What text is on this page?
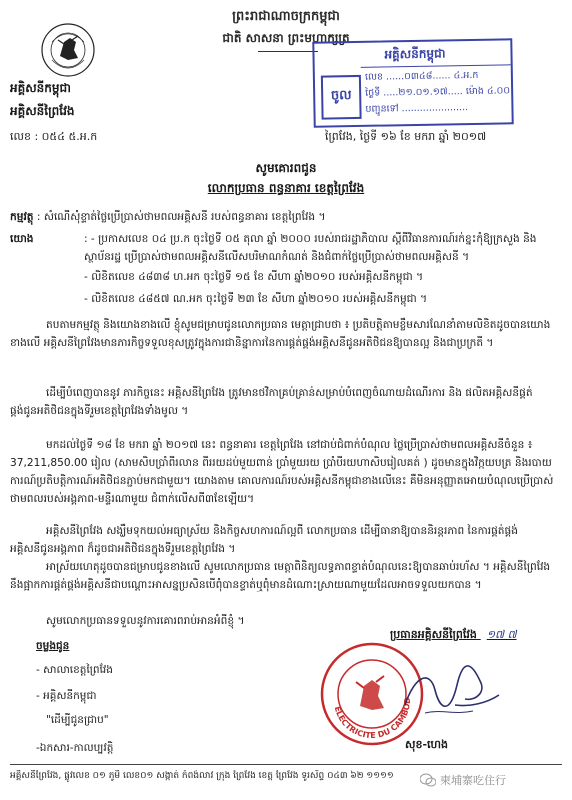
ព្រះរាជាណាចក្រកម្ពុជា
ជាតិ សាសនា ព្រះមហាក្សត្រ
អគ្គិសនីកម្ពុជា
អគ្គិសនីព្រៃវែង
លេខ : ០៥៤ ៥.អ.ក	ព្រៃវែង, ថ្ងៃទី ១៦ ខែ មករា ឆ្នាំ ២០១៧
អគ្គិសនីកម្ពុជា
ចូល
លេខ ......០៣៤៨...... ៤.អ.ក
ថ្ងៃទី .....២១.០១.១៧..... ម៉ោង ៤.០០
បញ្ជូនទៅ ......................
សូមគោរពជូន
លោកប្រធាន ពន្ធនាគារ ខេត្តព្រៃវែង
កម្មវត្ថុ : សំណើសុំខ្ទាត់ថ្លៃប្រើប្រាស់ថាមពលអគ្គិសនី របស់ពន្ធនាគារ ខេត្តព្រៃវែង ។
យោង	: - ប្រកាសលេខ ០៤ ប្រ.ក ចុះថ្ងៃទី ០៥ តុលា ឆ្នាំ ២០០០ របស់រាជរដ្ឋាភិបាល ស្តីពីវិធានការណ៍រក់ខ្នះកុំឱ្យក្រសួង និងស្ថាប័នរដ្ឋ ប្រើប្រាស់ថាមពលអគ្គិសនីលើសបរិមាណកំណត់ និងជំពាក់ថ្លៃប្រើប្រាស់ថាមពលអគ្គិសនី ។
- លិខិតលេខ ៤៨៣៨ ហ.អក ចុះថ្ងៃទី ១៥ ខែ សីហា ឆ្នាំ២០១០ របស់អគ្គិសនីកម្ពុជា ។
- លិខិតលេខ ៤៨៥៧ ណ.អក ចុះថ្ងៃទី ២៣ ខែ សីហា ឆ្នាំ២០១០ របស់អគ្គិសនីកម្ពុជា ។
តបតាមកម្មវត្ថុ និងយោងខាងលើ ខ្ញុំសូមជម្រាបជូនលោកប្រធាន មេត្តាជ្រាបថា ៖ ប្រតិបត្តិតាមខ្លឹមសារណែនាំតាមលិខិតដូចបានយោងខាងលើ អគ្គិសនីព្រៃវែងមានភារកិច្ចទទួលខុសត្រូវក្នុងការជានិន្នាការនៃការផ្គត់ផ្គង់អគ្គិសនីជូនអតិថិជនឱ្យបានល្អ និងជាប្រក្រតី ។
ដើម្បីបំពេញបាននូវ ភារកិច្ចនេះ អគ្គិសនីព្រៃវែង ត្រូវមានថវិកាគ្រប់គ្រាន់សម្រាប់បំពេញចំណាយដំណើរការ និង ផលិតអគ្គិសនីផ្គត់ផ្គង់ជូនអតិថិជនក្នុងទីរួមខេត្តព្រៃវែងទាំងមូល ។
មកដល់ថ្ងៃទី ១៨ ខែ មករា ឆ្នាំ ២០១៧ នេះ ពន្ធនាគារ ខេត្តព្រៃវែង នៅជាប់ជំពាក់បំណុល ថ្លៃប្រើប្រាស់ថាមពលអគ្គិសនីចំនួន ៖ 37,211,850.00 រៀល (សាមសិបប្រាំពីរលាន ពីររយដប់មួយពាន់ ប្រាំមួយរយ ប្រាំបីរយហាសិបរៀលគត់ ) ដូចមានក្នុងវិក្កយបត្រ និងរបាយការណ៍ប្រតិបត្តិការណ៍អតិថិជនភ្ជាប់មកជាមួយ។ យោងតាម គោលការណ៍របស់អគ្គិសនីកម្ពុជាខាងលើនេះ គឺមិនអនុញ្ញាតអោយបំណុលប្រើប្រាស់ថាមពលរបស់អង្គភាព-មន្ទីរណាមួយ ជំពាក់លើសពី៣ខែឡើយ។
អគ្គិសនីព្រៃវែង សង្ឃឹមទុកយល់អធ្យាស្រ័យ និងកិច្ចសហការណ៍ល្អពី លោកប្រធាន ដើម្បីធានាឱ្យបាននិរន្តរភាព នៃការផ្គត់ផ្គង់អគ្គិសនីជូនអង្គភាព ក៏ដូចជាអតិថិជនក្នុងទីរួមខេត្តព្រៃវែង ។
អាស្រ័យហេតុដូចបានជម្រាបជូនខាងលើ សូមលោកប្រធាន មេត្តាពិនិត្យលទ្ធភាពខ្ទាត់បំណុលនេះឱ្យបានឆាប់រហ័ស ។ អគ្គិសនីព្រៃវែងនឹងផ្អាកការផ្គត់ផ្គង់អគ្គិសនីជាបណ្តោះអាសន្នប្រសិនបើពុំបានខ្ទាត់ឬពុំមានដំណោះស្រាយណាមួយដែលអាចទទួលយកបាន ។
សូមលោកប្រធានទទួលនូវការគោរពរាប់អានអំពីខ្ញុំ ។
ចម្លងជូន
- សាលាខេត្តព្រៃវែង
- អគ្គិសនីកម្ពុជា
"ដើម្បីជូនជ្រាប"
-ឯកសារ-កាលប្បវត្តិ
ប្រធានអគ្គិសនីព្រៃវែង ១៧ ៧
ELECTRICITE DU CAMBOD
សុខ-ហេង
អគ្គិសនីព្រៃវែង, ផ្លូវលេខ ០១ ភូមិ លេខ០១ សង្កាត់ កំពង់លាវ ក្រុង ព្រៃវែង ខេត្ត ព្រៃវែង ទូរស័ព្ទ ០៤៣ ៦២ ១១១១	柬埔寨吃住行
